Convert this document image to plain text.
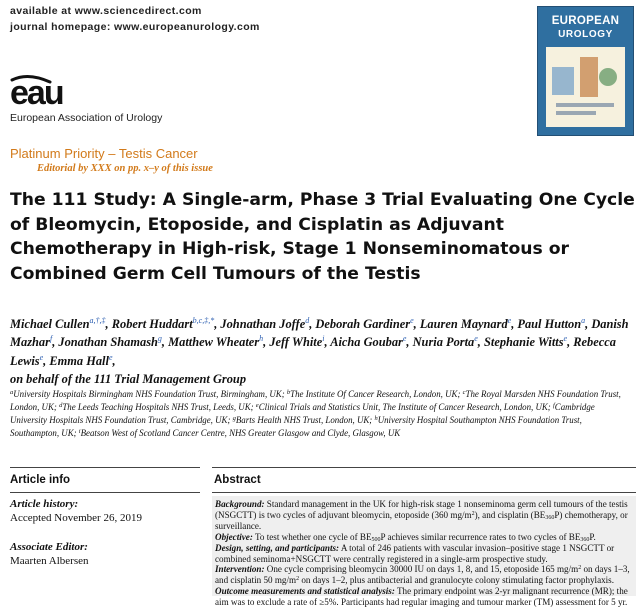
available at www.sciencedirect.com
journal homepage: www.europeanurology.com
eau
European Association of Urology
EUROPEAN
UROLOGY
Platinum Priority – Testis Cancer
Editorial by XXX on pp. x–y of this issue
The 111 Study: A Single-arm, Phase 3 Trial Evaluating One Cycle of Bleomycin, Etoposide, and Cisplatin as Adjuvant Chemotherapy in High-risk, Stage 1 Nonseminomatous or Combined Germ Cell Tumours of the Testis
Michael Cullen$^{a,\dagger,\ddagger}$, Robert Huddart$^{b,c,\ddagger,*}$, Johnathan Joffe$^d$, Deborah Gardiner$^e$, Lauren Maynard$^e$, Paul Hutton$^a$, Danish Mazhar$^f$, Jonathan Shamash$^g$, Matthew Wheater$^h$, Jeff White$^i$, Aicha Goubar$^e$, Nuria Porta$^e$, Stephanie Witts$^e$, Rebecca Lewis$^e$, Emma Hall$^e$,
on behalf of the 111 Trial Management Group
$^a$University Hospitals Birmingham NHS Foundation Trust, Birmingham, UK; $^b$The Institute Of Cancer Research, London, UK; $^c$The Royal Marsden NHS Foundation Trust, London, UK; $^d$The Leeds Teaching Hospitals NHS Trust, Leeds, UK; $^e$Clinical Trials and Statistics Unit, The Institute of Cancer Research, London, UK; $^f$Cambridge University Hospitals NHS Foundation Trust, Cambridge, UK; $^g$Barts Health NHS Trust, London, UK; $^h$University Hospital Southampton NHS Foundation Trust, Southampton, UK; $^i$Beatson West of Scotland Cancer Centre, NHS Greater Glasgow and Clyde, Glasgow, UK
Article info	Abstract
Article history:
Accepted November 26, 2019
Associate Editor:
Maarten Albersen
Background: Standard management in the UK for high-risk stage 1 nonseminoma germ cell tumours of the testis (NSGCTT) is two cycles of adjuvant bleomycin, etoposide (360 $mg/m^2$), and cisplatin $(BE_{360}P)$ chemotherapy, or surveillance.
Objective: To test whether one cycle of $BE_{500}P$ achieves similar recurrence rates to two cycles of $BE_{360}P$.
Design, setting, and participants: A total of 246 patients with vascular invasion–positive stage 1 NSGCTT or combined seminoma+NSGCTT were centrally registered in a single-arm prospective study.
Intervention: One cycle comprising bleomycin 30000 IU on days 1, 8, and 15, etoposide 165 $mg/m^2$ on days 1–3, and cisplatin 50 $mg/m^2$ on days 1–2, plus antibacterial and granulocyte colony stimulating factor prophylaxis.
Outcome measurements and statistical analysis: The primary endpoint was 2-yr malignant recurrence (MR); the aim was to exclude a rate of ≥5%. Participants had regular imaging and tumour marker (TM) assessment for 5 yr.
